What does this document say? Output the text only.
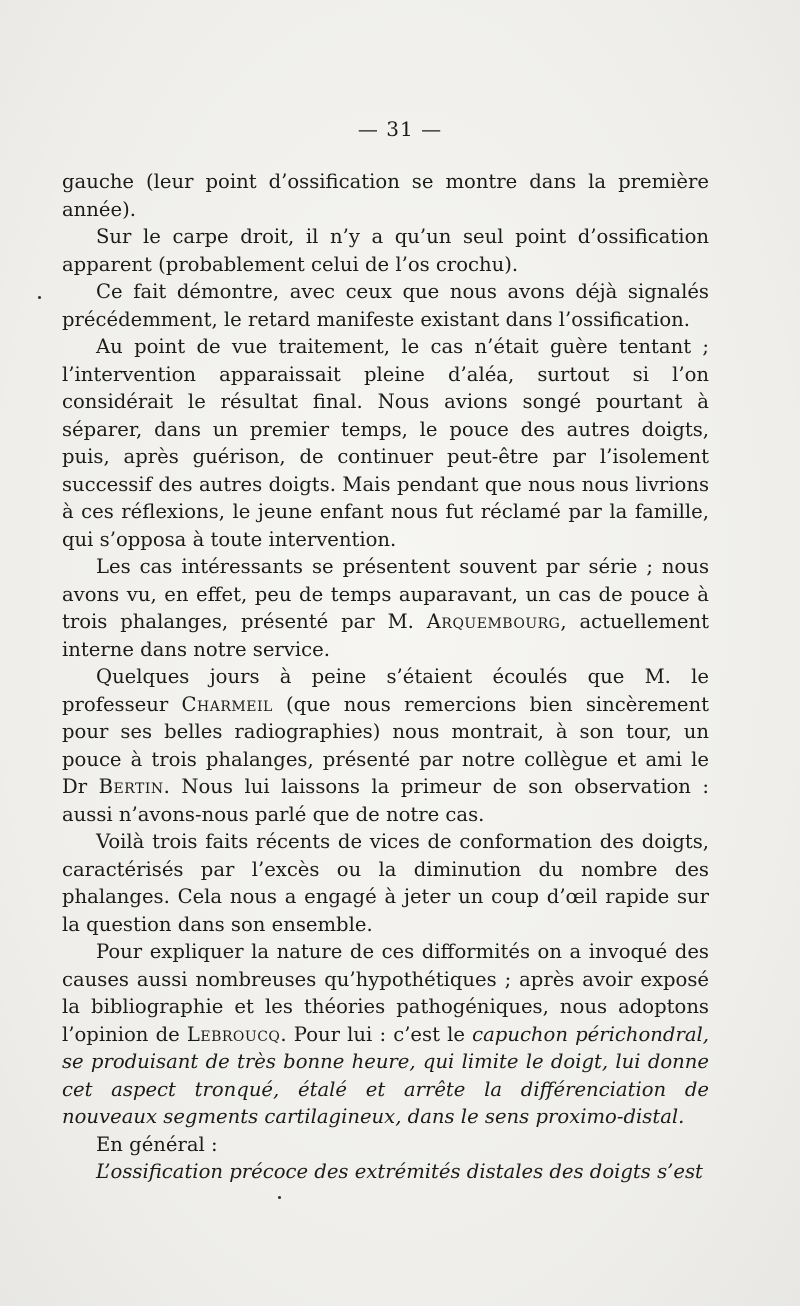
— 31 —

gauche (leur point d’ossification se montre dans la première année).

Sur le carpe droit, il n’y a qu’un seul point d’ossification apparent (probablement celui de l’os crochu).

Ce fait démontre, avec ceux que nous avons déjà signalés précédemment, le retard manifeste existant dans l’ossification.

Au point de vue traitement, le cas n’était guère tentant ; l’intervention apparaissait pleine d’aléa, surtout si l’on considérait le résultat final. Nous avions songé pourtant à séparer, dans un premier temps, le pouce des autres doigts, puis, après guérison, de continuer peut-être par l’isolement successif des autres doigts. Mais pendant que nous nous livrions à ces réflexions, le jeune enfant nous fut réclamé par la famille, qui s’opposa à toute intervention.

Les cas intéressants se présentent souvent par série ; nous avons vu, en effet, peu de temps auparavant, un cas de pouce à trois phalanges, présenté par M. Arquembourg, actuellement interne dans notre service.

Quelques jours à peine s’étaient écoulés que M. le professeur Charmeil (que nous remercions bien sincèrement pour ses belles radiographies) nous montrait, à son tour, un pouce à trois phalanges, présenté par notre collègue et ami le Dr Bertin. Nous lui laissons la primeur de son observation : aussi n’avons-nous parlé que de notre cas.

Voilà trois faits récents de vices de conformation des doigts, caractérisés par l’excès ou la diminution du nombre des phalanges. Cela nous a engagé à jeter un coup d’œil rapide sur la question dans son ensemble.

Pour expliquer la nature de ces difformités on a invoqué des causes aussi nombreuses qu’hypothétiques ; après avoir exposé la bibliographie et les théories pathogéniques, nous adoptons l’opinion de Lebroucq. Pour lui : c’est le capuchon périchondral, se produisant de très bonne heure, qui limite le doigt, lui donne cet aspect tronqué, étalé et arrête la différenciation de nouveaux segments cartilagineux, dans le sens proximo-distal.

En général :

L’ossification précoce des extrémités distales des doigts s’est
